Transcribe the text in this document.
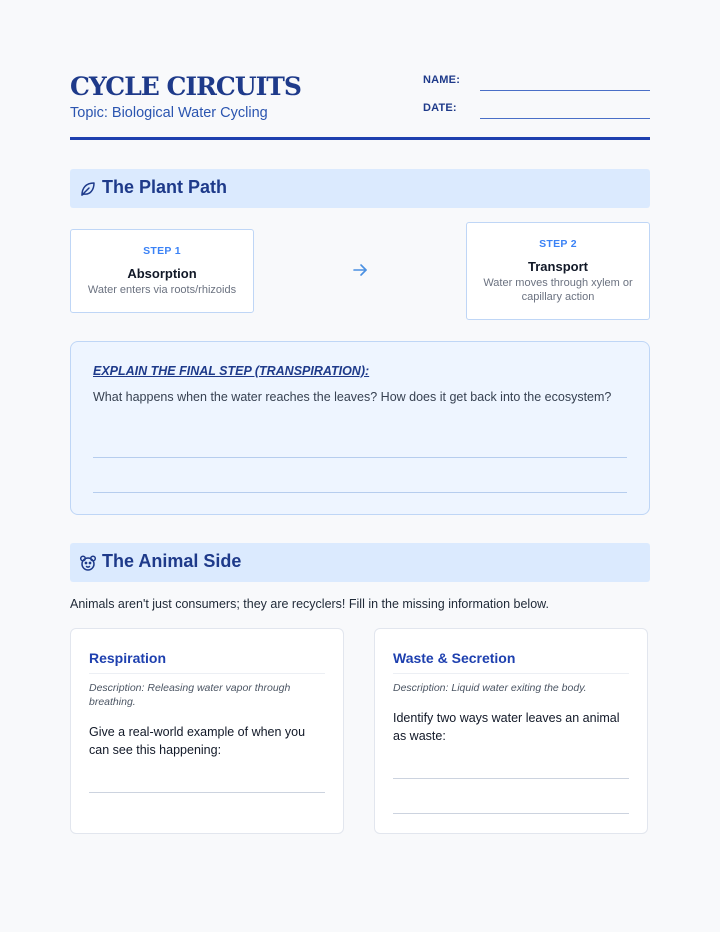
CYCLE CIRCUITS
Topic: Biological Water Cycling
NAME:
DATE:
The Plant Path
STEP 1
Absorption
Water enters via roots/rhizoids
STEP 2
Transport
Water moves through xylem or capillary action
EXPLAIN THE FINAL STEP (TRANSPIRATION):
What happens when the water reaches the leaves? How does it get back into the ecosystem?
The Animal Side
Animals aren't just consumers; they are recyclers! Fill in the missing information below.
Respiration
Description: Releasing water vapor through breathing.
Give a real-world example of when you can see this happening:
Waste & Secretion
Description: Liquid water exiting the body.
Identify two ways water leaves an animal as waste:
